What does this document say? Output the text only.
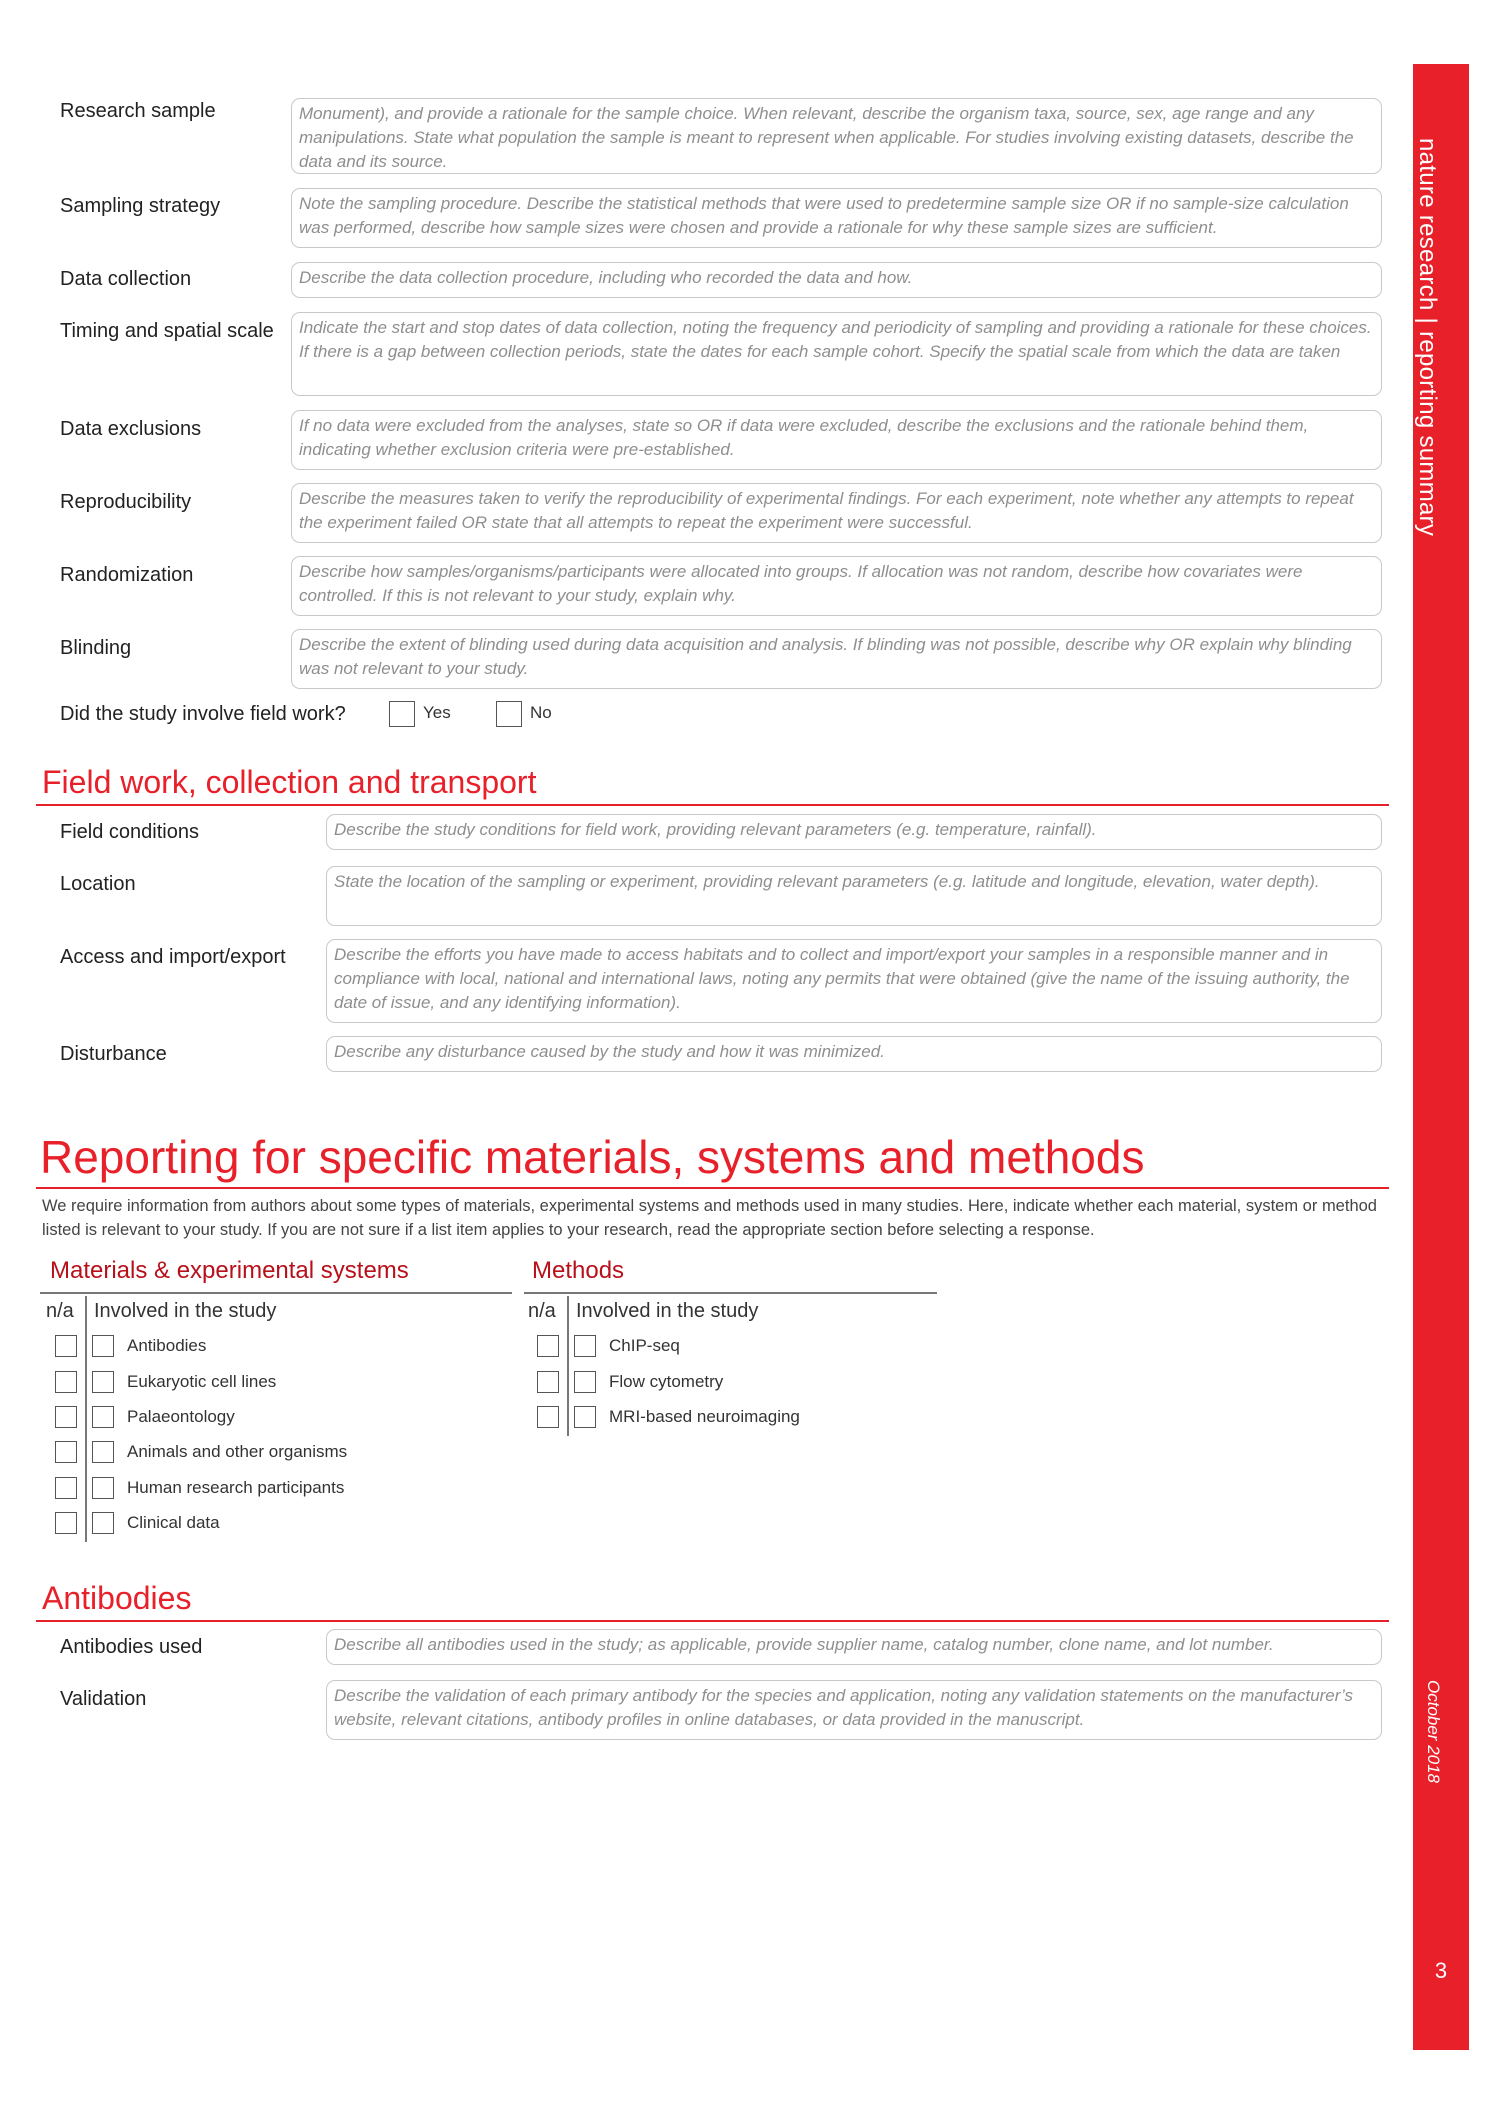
nature research | reporting summary
October 2018
3
Research sample	Monument), and provide a rationale for the sample choice. When relevant, describe the organism taxa, source, sex, age range and any manipulations. State what population the sample is meant to represent when applicable. For studies involving existing datasets, describe the data and its source.
Sampling strategy	Note the sampling procedure. Describe the statistical methods that were used to predetermine sample size OR if no sample-size calculation was performed, describe how sample sizes were chosen and provide a rationale for why these sample sizes are sufficient.
Data collection	Describe the data collection procedure, including who recorded the data and how.
Timing and spatial scale	Indicate the start and stop dates of data collection, noting the frequency and periodicity of sampling and providing a rationale for these choices. If there is a gap between collection periods, state the dates for each sample cohort. Specify the spatial scale from which the data are taken
Data exclusions	If no data were excluded from the analyses, state so OR if data were excluded, describe the exclusions and the rationale behind them, indicating whether exclusion criteria were pre-established.
Reproducibility	Describe the measures taken to verify the reproducibility of experimental findings. For each experiment, note whether any attempts to repeat the experiment failed OR state that all attempts to repeat the experiment were successful.
Randomization	Describe how samples/organisms/participants were allocated into groups. If allocation was not random, describe how covariates were controlled. If this is not relevant to your study, explain why.
Blinding	Describe the extent of blinding used during data acquisition and analysis. If blinding was not possible, describe why OR explain why blinding was not relevant to your study.
Did the study involve field work?	Yes	No
Field work, collection and transport
Field conditions	Describe the study conditions for field work, providing relevant parameters (e.g. temperature, rainfall).
Location	State the location of the sampling or experiment, providing relevant parameters (e.g. latitude and longitude, elevation, water depth).
Access and import/export	Describe the efforts you have made to access habitats and to collect and import/export your samples in a responsible manner and in compliance with local, national and international laws, noting any permits that were obtained (give the name of the issuing authority, the date of issue, and any identifying information).
Disturbance	Describe any disturbance caused by the study and how it was minimized.
Reporting for specific materials, systems and methods
We require information from authors about some types of materials, experimental systems and methods used in many studies. Here, indicate whether each material, system or method listed is relevant to your study. If you are not sure if a list item applies to your research, read the appropriate section before selecting a response.
Materials & experimental systems
n/a Involved in the study
Antibodies
Eukaryotic cell lines
Palaeontology
Animals and other organisms
Human research participants
Clinical data
Methods
n/a Involved in the study
ChIP-seq
Flow cytometry
MRI-based neuroimaging
Antibodies
Antibodies used	Describe all antibodies used in the study; as applicable, provide supplier name, catalog number, clone name, and lot number.
Validation	Describe the validation of each primary antibody for the species and application, noting any validation statements on the manufacturer’s website, relevant citations, antibody profiles in online databases, or data provided in the manuscript.
